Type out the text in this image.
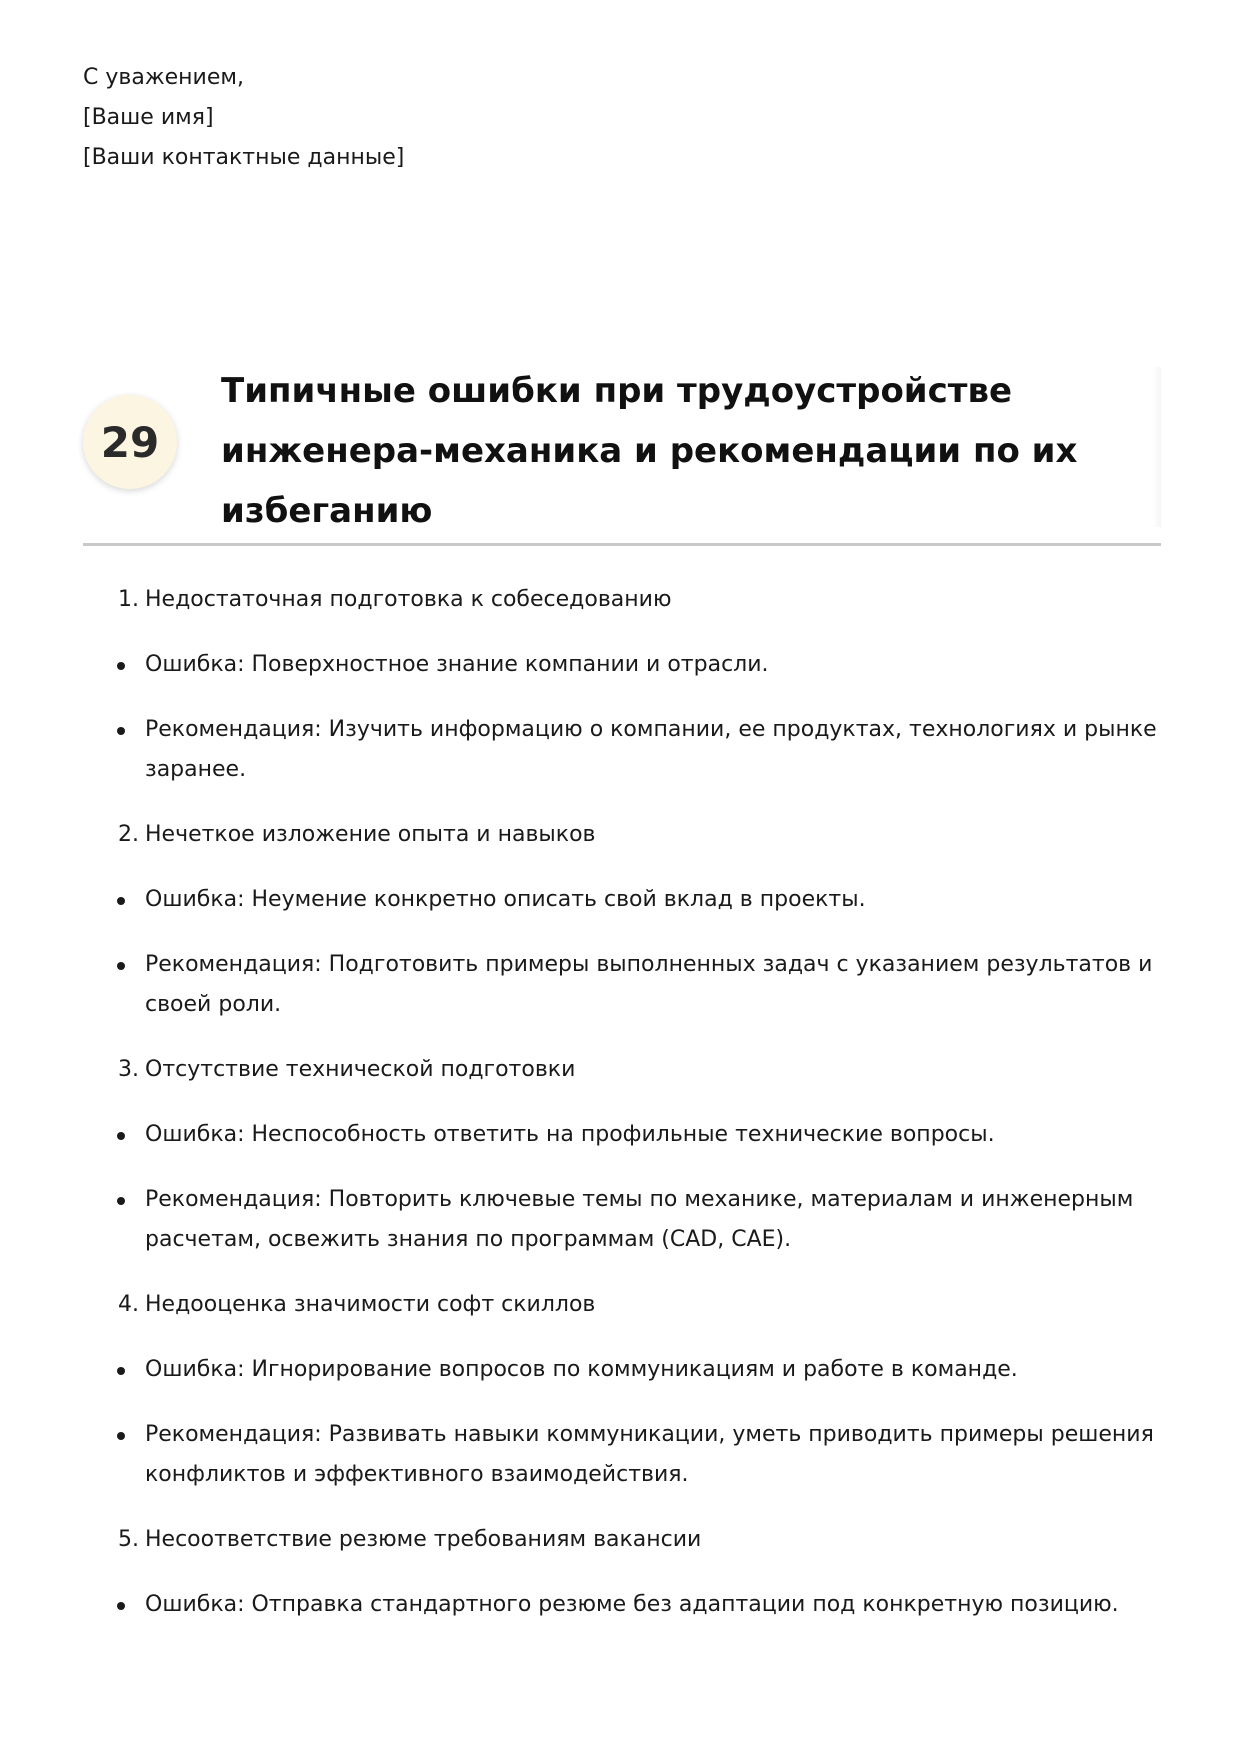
С уважением,
[Ваше имя]
[Ваши контактные данные]
29
Типичные ошибки при трудоустройстве инженера-механика и рекомендации по их избеганию
1. Недостаточная подготовка к собеседованию
Ошибка: Поверхностное знание компании и отрасли.
Рекомендация: Изучить информацию о компании, ее продуктах, технологиях и рынке заранее.
2. Нечеткое изложение опыта и навыков
Ошибка: Неумение конкретно описать свой вклад в проекты.
Рекомендация: Подготовить примеры выполненных задач с указанием результатов и своей роли.
3. Отсутствие технической подготовки
Ошибка: Неспособность ответить на профильные технические вопросы.
Рекомендация: Повторить ключевые темы по механике, материалам и инженерным расчетам, освежить знания по программам (CAD, CAE).
4. Недооценка значимости софт скиллов
Ошибка: Игнорирование вопросов по коммуникациям и работе в команде.
Рекомендация: Развивать навыки коммуникации, уметь приводить примеры решения конфликтов и эффективного взаимодействия.
5. Несоответствие резюме требованиям вакансии
Ошибка: Отправка стандартного резюме без адаптации под конкретную позицию.
